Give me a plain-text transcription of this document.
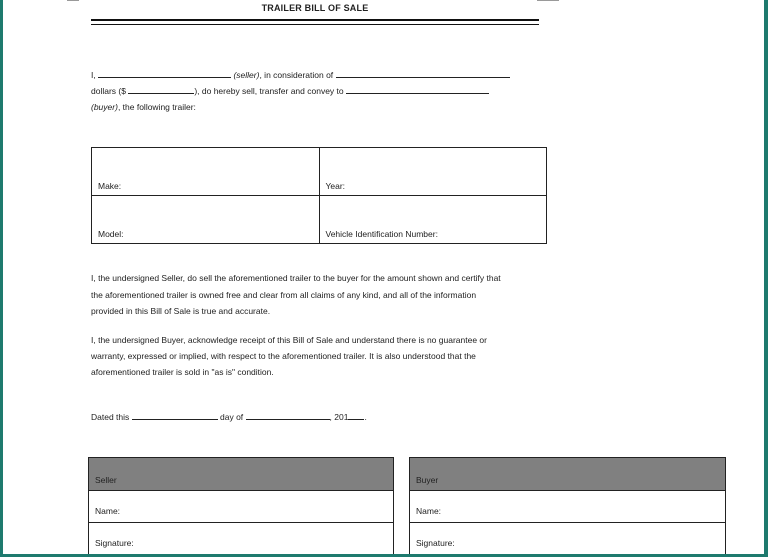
TRAILER BILL OF SALE
I,	(seller), in consideration of
dollars ($	), do hereby sell, transfer and convey to
(buyer), the following trailer:
Make:	Year:
Model:	Vehicle Identification Number:
I, the undersigned Seller, do sell the aforementioned trailer to the buyer for the amount shown and certify that
the aforementioned trailer is owned free and clear from all claims of any kind, and all of the information
provided in this Bill of Sale is true and accurate.
I, the undersigned Buyer, acknowledge receipt of this Bill of Sale and understand there is no guarantee or
warranty, expressed or implied, with respect to the aforementioned trailer. It is also understood that the
aforementioned trailer is sold in "as is" condition.
Dated this	day of	, 201 .
Seller
Name:
Signature:
Buyer
Name:
Signature:
